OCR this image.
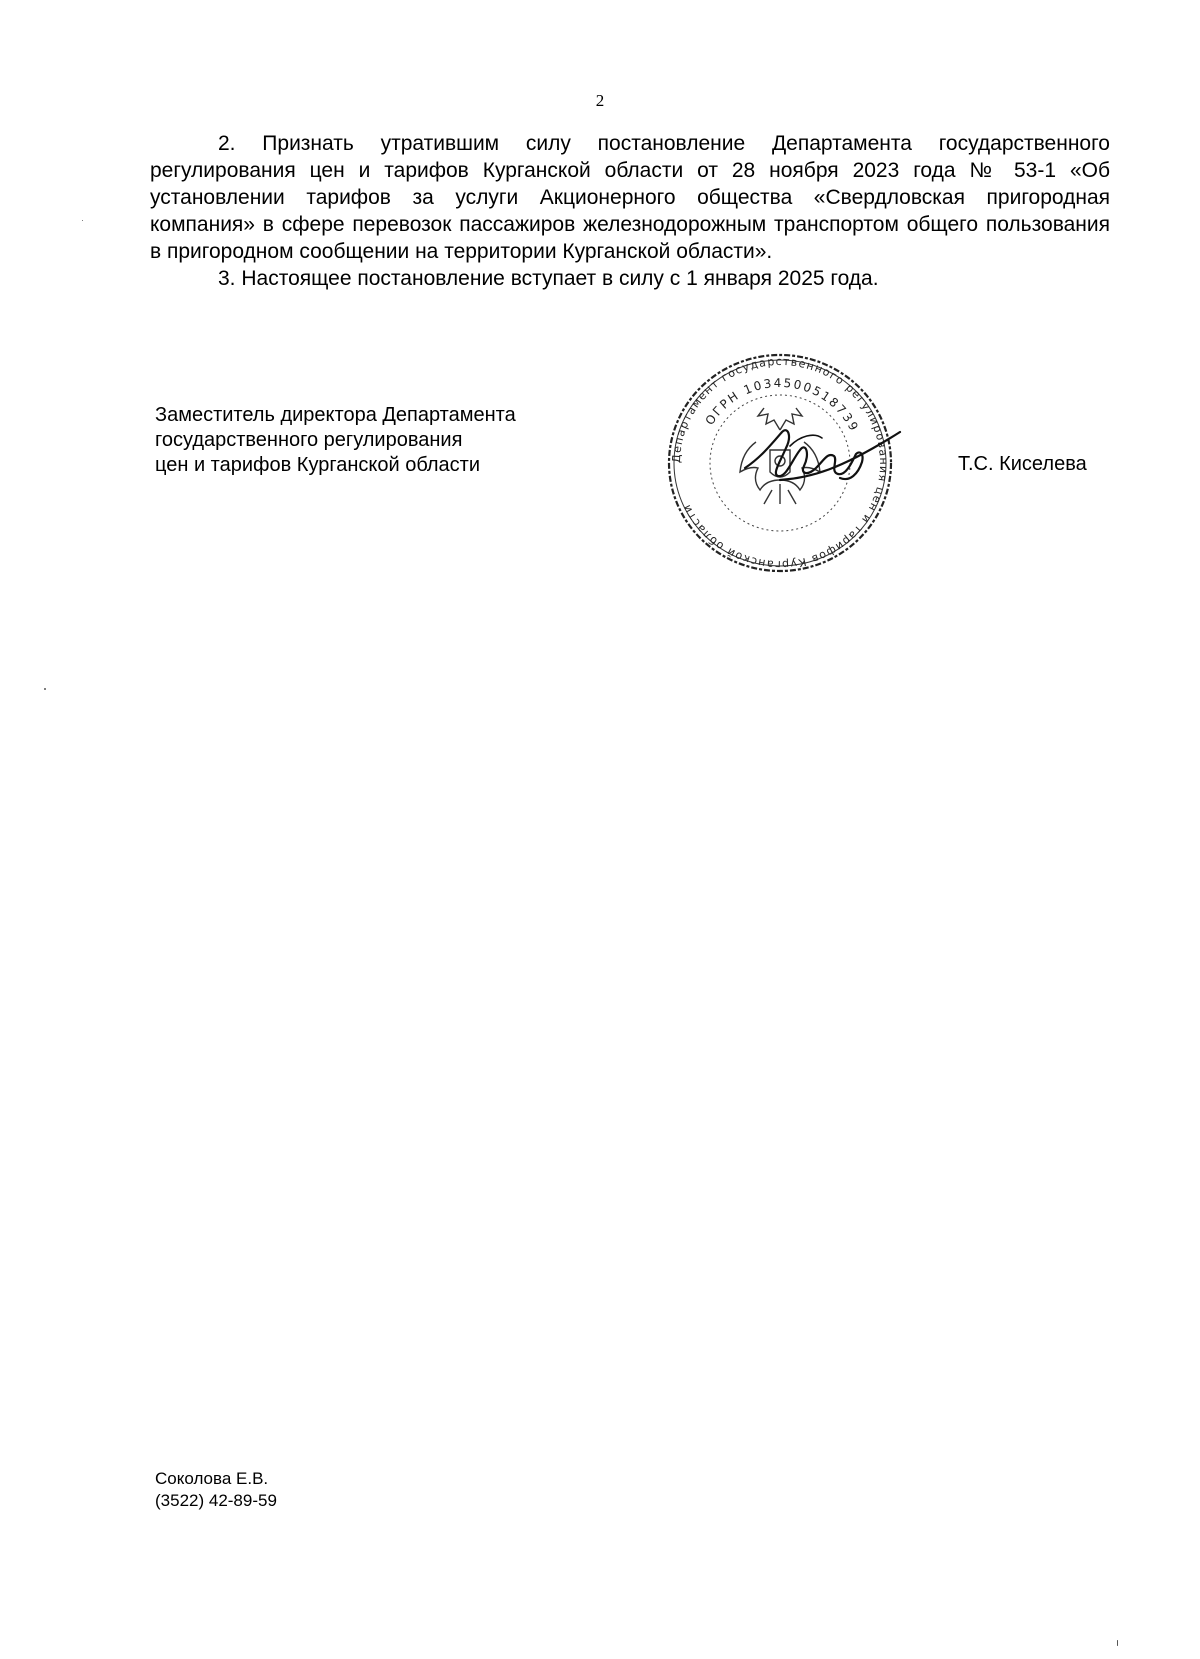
2

2. Признать утратившим силу постановление Департамента государственного регулирования цен и тарифов Курганской области от 28 ноября 2023 года № 53-1 «Об установлении тарифов за услуги Акционерного общества «Свердловская пригородная компания» в сфере перевозок пассажиров железнодорожным транспортом общего пользования в пригородном сообщении на территории Курганской области».

3. Настоящее постановление вступает в силу с 1 января 2025 года.

Заместитель директора Департамента
государственного регулирования
цен и тарифов Курганской области	Департамент государственного регулирования цен и тарифов Курганской области
ОГРН 1034500518739
Т.С. Киселева
Соколова Е.В.
(3522) 42-89-59
